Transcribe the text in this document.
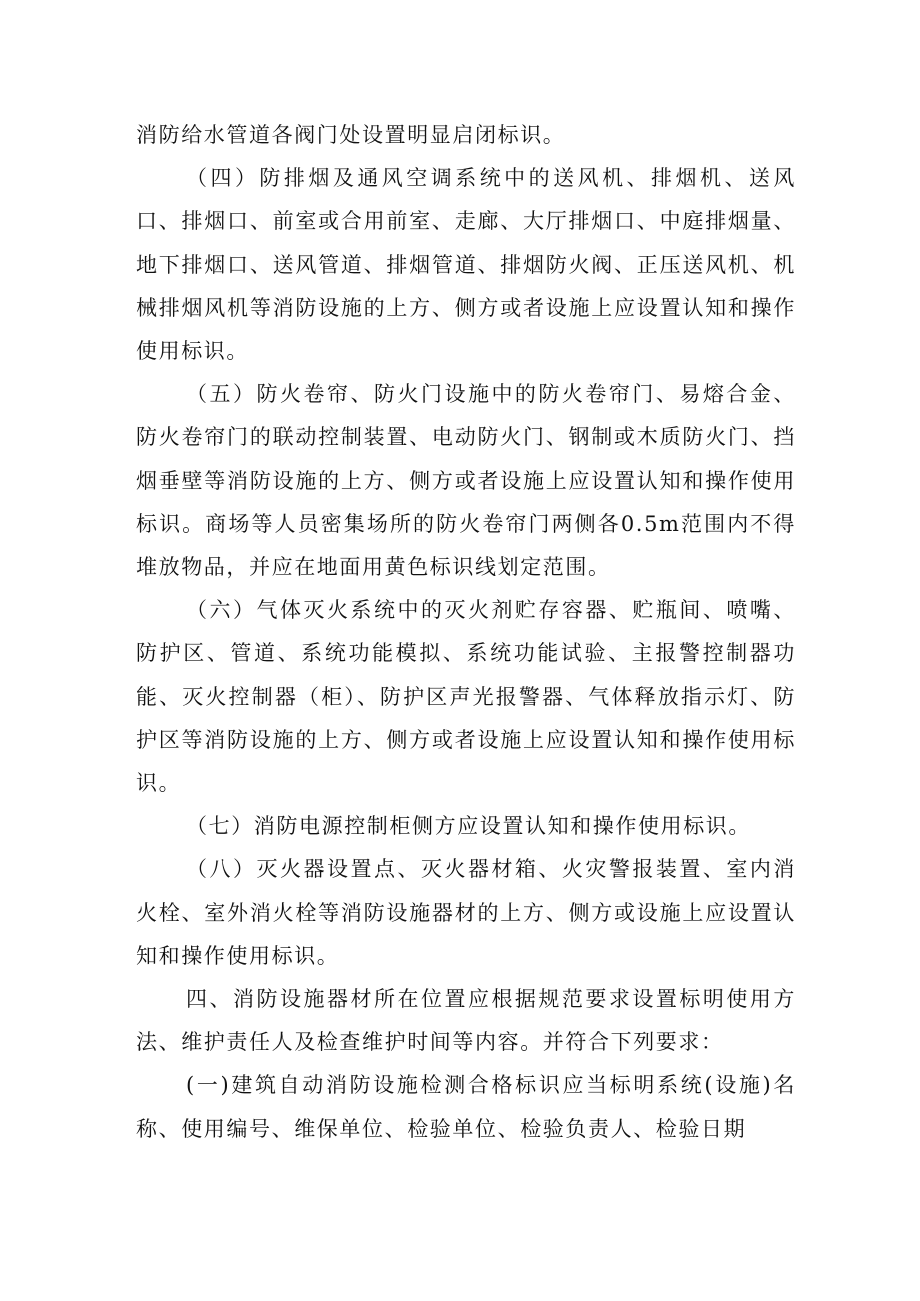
消防给水管道各阀门处设置明显启闭标识。

（四）防排烟及通风空调系统中的送风机、排烟机、送风口、排烟口、前室或合用前室、走廊、大厅排烟口、中庭排烟量、地下排烟口、送风管道、排烟管道、排烟防火阀、正压送风机、机械排烟风机等消防设施的上方、侧方或者设施上应设置认知和操作使用标识。

（五）防火卷帘、防火门设施中的防火卷帘门、易熔合金、防火卷帘门的联动控制装置、电动防火门、钢制或木质防火门、挡烟垂壁等消防设施的上方、侧方或者设施上应设置认知和操作使用标识。商场等人员密集场所的防火卷帘门两侧各0.5m范围内不得堆放物品，并应在地面用黄色标识线划定范围。

（六）气体灭火系统中的灭火剂贮存容器、贮瓶间、喷嘴、防护区、管道、系统功能模拟、系统功能试验、主报警控制器功能、灭火控制器（柜）、防护区声光报警器、气体释放指示灯、防护区等消防设施的上方、侧方或者设施上应设置认知和操作使用标识。

（七）消防电源控制柜侧方应设置认知和操作使用标识。

（八）灭火器设置点、灭火器材箱、火灾警报装置、室内消火栓、室外消火栓等消防设施器材的上方、侧方或设施上应设置认知和操作使用标识。

四、消防设施器材所在位置应根据规范要求设置标明使用方法、维护责任人及检查维护时间等内容。并符合下列要求：

(一)建筑自动消防设施检测合格标识应当标明系统(设施)名称、使用编号、维保单位、检验单位、检验负责人、检验日期
